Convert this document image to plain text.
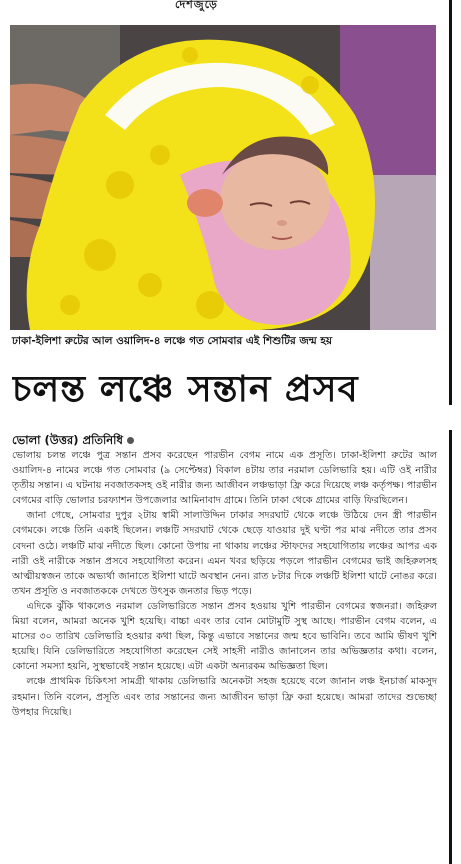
দেশজুড়ে
ঢাকা-ইলিশা রুটের আল ওয়ালিদ-৪ লঞ্চে গত সোমবার এই শিশুটির জন্ম হয়
চলন্ত লঞ্চে সন্তান প্রসব
ভোলা (উত্তর) প্রতিনিধি

ভোলায় চলন্ত লঞ্চে পুত্র সন্তান প্রসব করেছেন পারভীন বেগম নামে এক প্রসূতি। ঢাকা-ইলিশা রুটের আল ওয়ালিদ-৪ নামের লঞ্চে গত সোমবার (৯ সেপ্টেম্বর) বিকাল ৪টায় তার নরমাল ডেলিভারি হয়। এটি ওই নারীর তৃতীয় সন্তান। এ ঘটনায় নবজাতকসহ ওই নারীর জন্য আজীবন লঞ্চভাড়া ফ্রি করে দিয়েছে লঞ্চ কর্তৃপক্ষ। পারভীন বেগমের বাড়ি ভোলার চরফ্যাশন উপজেলার আমিনাবাদ গ্রামে। তিনি ঢাকা থেকে গ্রামের বাড়ি ফিরছিলেন।

জানা গেছে, সোমবার দুপুর ২টায় স্বামী সালাউদ্দিন ঢাকার সদরঘাট থেকে লঞ্চে উঠিয়ে দেন স্ত্রী পারভীন বেগমকে। লঞ্চে তিনি একাই ছিলেন। লঞ্চটি সদরঘাট থেকে ছেড়ে যাওয়ার দুই ঘণ্টা পর মাঝ নদীতে তার প্রসব বেদনা ওঠে। লঞ্চটি মাঝ নদীতে ছিল। কোনো উপায় না থাকায় লঞ্চের স্টাফদের সহযোগিতায় লঞ্চের আপর এক নারী ওই নারীকে সন্তান প্রসবে সহযোগিতা করেন। এমন খবর ছড়িয়ে পড়লে পারভীন বেগমের ভাই জহিরুলসহ আত্মীয়স্বজন তাকে অভ্যর্থা জানাতে ইলিশা ঘাটে অবস্থান নেন। রাত ৮টার দিকে লঞ্চটি ইলিশা ঘাটে নোঙর করে। তখন প্রসূতি ও নবজাতককে দেখতে উৎসুক জনতার ভিড় পড়ে।

এদিকে ঝুঁকি থাকলেও নরমাল ডেলিভারিতে সন্তান প্রসব হওয়ায় খুশি পারভীন বেগমের স্বজনরা। জহিরুল মিয়া বলেন, আমরা অনেক খুশি হয়েছি। বাচ্চা এবং তার বোন মোটামুটি সুস্থ আছে। পারভীন বেগম বলেন, এ মাসের ৩০ তারিখ ডেলিভারি হওয়ার কথা ছিল, কিন্তু এভাবে সন্তানের জন্ম হবে ভাবিনি। তবে আমি ভীষণ খুশি হয়েছি। যিনি ডেলিভারিতে সহযোগিতা করেছেন সেই সাহসী নারীও জানালেন তার অভিজ্ঞতার কথা। বলেন, কোনো সমস্যা হয়নি, সুস্থভাবেই সন্তান হয়েছে। এটা একটা অন্যরকম অভিজ্ঞতা ছিল।

লঞ্চে প্রাথমিক চিকিৎসা সামগ্রী থাকায় ডেলিভারি অনেকটা সহজ হয়েছে বলে জানান লঞ্চ ইনচার্জ মাকসুদ রহমান। তিনি বলেন, প্রসূতি এবং তার সন্তানের জন্য আজীবন ভাড়া ফ্রি করা হয়েছে। আমরা তাদের শুভেচ্ছা উপহার দিয়েছি।
